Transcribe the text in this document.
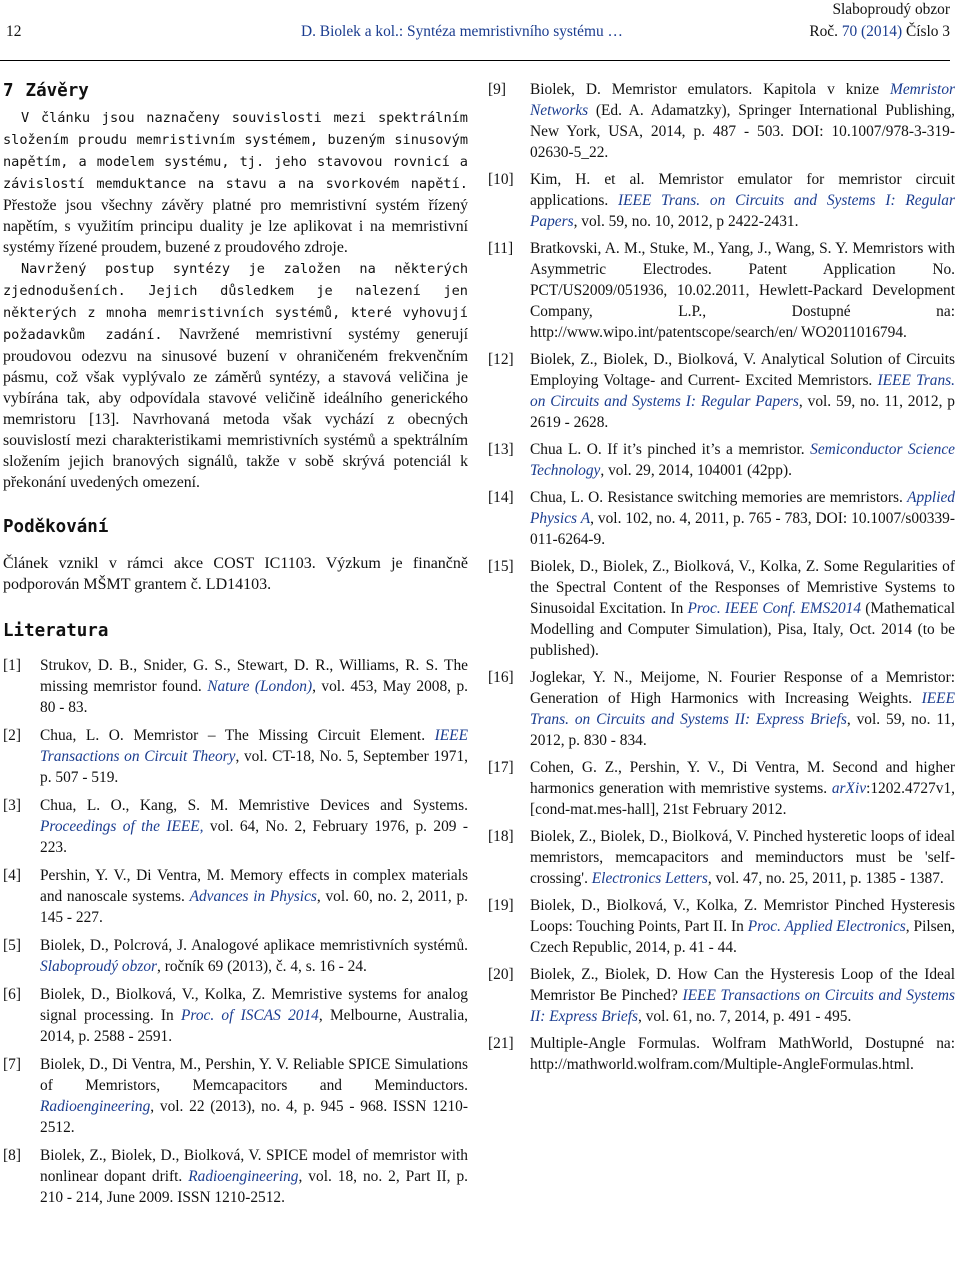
Slaboproudý obzor
12	D. Biolek a kol.: Syntéza memristivního systému …	Roč. 70 (2014) Číslo 3
7 Závěry

V článku jsou naznačeny souvislosti mezi spektrálním složením proudu memristivním systémem, buzeným sinusovým napětím, a modelem systému, tj. jeho stavovou rovnicí a závislostí memduktance na stavu a na svorkovém napětí. Přestože jsou všechny závěry platné pro memristivní systém řízený napětím, s využitím principu duality je lze aplikovat i na memristivní systémy řízené proudem, buzené z proudového zdroje.

Navržený postup syntézy je založen na některých zjednodušeních. Jejich důsledkem je nalezení jen některých z mnoha memristivních systémů, které vyhovují požadavkům zadání. Navržené memristivní systémy generují proudovou odezvu na sinusové buzení v ohraničeném frekvenčním pásmu, což však vyplývalo ze záměrů syntézy, a stavová veličina je vybírána tak, aby odpovídala stavové veličině ideálního generického memristoru [13]. Navrhovaná metoda však vychází z obecných souvislostí mezi charakteristikami memristivních systémů a spektrálním složením jejich branových signálů, takže v sobě skrývá potenciál k překonání uvedených omezení.

Poděkování

Článek vznikl v rámci akce COST IC1103. Výzkum je finančně podporován MŠMT grantem č. LD14103.

Literatura
[1] Strukov, D. B., Snider, G. S., Stewart, D. R., Williams, R. S. The missing memristor found. Nature (London), vol. 453, May 2008, p. 80 - 83.
[2] Chua, L. O. Memristor – The Missing Circuit Element. IEEE Transactions on Circuit Theory, vol. CT-18, No. 5, September 1971, p. 507 - 519.
[3] Chua, L. O., Kang, S. M. Memristive Devices and Systems. Proceedings of the IEEE, vol. 64, No. 2, February 1976, p. 209 - 223.
[4] Pershin, Y. V., Di Ventra, M. Memory effects in complex materials and nanoscale systems. Advances in Physics, vol. 60, no. 2, 2011, p. 145 - 227.
[5] Biolek, D., Polcrová, J. Analogové aplikace memristivních systémů. Slaboproudý obzor, ročník 69 (2013), č. 4, s. 16 - 24.
[6] Biolek, D., Biolková, V., Kolka, Z. Memristive systems for analog signal processing. In Proc. of ISCAS 2014, Melbourne, Australia, 2014, p. 2588 - 2591.
[7] Biolek, D., Di Ventra, M., Pershin, Y. V. Reliable SPICE Simulations of Memristors, Memcapacitors and Meminductors. Radioengineering, vol. 22 (2013), no. 4, p. 945 - 968. ISSN 1210-2512.
[8] Biolek, Z., Biolek, D., Biolková, V. SPICE model of memristor with nonlinear dopant drift. Radioengineering, vol. 18, no. 2, Part II, p. 210 - 214, June 2009. ISSN 1210-2512.
[9] Biolek, D. Memristor emulators. Kapitola v knize Memristor Networks (Ed. A. Adamatzky), Springer International Publishing, New York, USA, 2014, p. 487 - 503. DOI: 10.1007/978-3-319-02630-5_22.
[10] Kim, H. et al. Memristor emulator for memristor circuit applications. IEEE Trans. on Circuits and Systems I: Regular Papers, vol. 59, no. 10, 2012, p 2422-2431.
[11] Bratkovski, A. M., Stuke, M., Yang, J., Wang, S. Y. Memristors with Asymmetric Electrodes. Patent Application No. PCT/US2009/051936, 10.02.2011, Hewlett-Packard Development Company, L.P., Dostupné na: http://www.wipo.int/patentscope/search/en/ WO2011016794.
[12] Biolek, Z., Biolek, D., Biolková, V. Analytical Solution of Circuits Employing Voltage- and Current- Excited Memristors. IEEE Trans. on Circuits and Systems I: Regular Papers, vol. 59, no. 11, 2012, p 2619 - 2628.
[13] Chua L. O. If it’s pinched it’s a memristor. Semiconductor Science Technology, vol. 29, 2014, 104001 (42pp).
[14] Chua, L. O. Resistance switching memories are memristors. Applied Physics A, vol. 102, no. 4, 2011, p. 765 - 783, DOI: 10.1007/s00339-011-6264-9.
[15] Biolek, D., Biolek, Z., Biolková, V., Kolka, Z. Some Regularities of the Spectral Content of the Responses of Memristive Systems to Sinusoidal Excitation. In Proc. IEEE Conf. EMS2014 (Mathematical Modelling and Computer Simulation), Pisa, Italy, Oct. 2014 (to be published).
[16] Joglekar, Y. N., Meijome, N. Fourier Response of a Memristor: Generation of High Harmonics with Increasing Weights. IEEE Trans. on Circuits and Systems II: Express Briefs, vol. 59, no. 11, 2012, p. 830 - 834.
[17] Cohen, G. Z., Pershin, Y. V., Di Ventra, M. Second and higher harmonics generation with memristive systems. arXiv:1202.4727v1, [cond-mat.mes-hall], 21st February 2012.
[18] Biolek, Z., Biolek, D., Biolková, V. Pinched hysteretic loops of ideal memristors, memcapacitors and meminductors must be 'self-crossing'. Electronics Letters, vol. 47, no. 25, 2011, p. 1385 - 1387.
[19] Biolek, D., Biolková, V., Kolka, Z. Memristor Pinched Hysteresis Loops: Touching Points, Part II. In Proc. Applied Electronics, Pilsen, Czech Republic, 2014, p. 41 - 44.
[20] Biolek, Z., Biolek, D. How Can the Hysteresis Loop of the Ideal Memristor Be Pinched? IEEE Transactions on Circuits and Systems II: Express Briefs, vol. 61, no. 7, 2014, p. 491 - 495.
[21] Multiple-Angle Formulas. Wolfram MathWorld, Dostupné na: http://mathworld.wolfram.com/Multiple-AngleFormulas.html.
